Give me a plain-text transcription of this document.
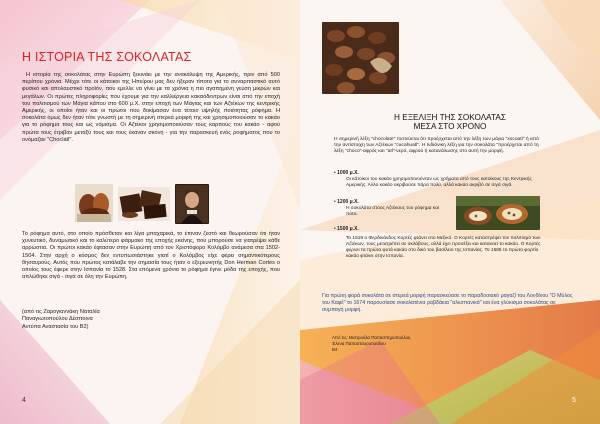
Η ΙΣΤΟΡΙΑ ΤΗΣ ΣΟΚΟΛΑΤΑΣ

Η ιστορία της σοκολάτας στην Ευρώπη ξεκινάει με την ανακάλυψη της Αμερικής, πριν από 500 περίπου χρόνια. Μέχρι τότε οι κάτοικοι της Ηπείρου μας δεν ήξεραν τίποτα για το συναρπαστικό αυτό φυσικό και απολαυστικό προϊόν, που εμελλε να γίνει με τα χρόνια η πιο αγαπημένη γεύση μικρών και μεγάλων. Οι πρώτες πληροφορίες που έχουμε για την καλλιέργεια κακαόδεντρων είναι από την εποχή του πολιτισμού των Μάγια κάπου στο 600 μ.Χ. στην εποχή των Μάγιας και των Αζτέκων της κεντρικής Αμερικής, οι οποίοι ήταν και οι πρώτοι που δοκίμασαν ένα τέτοιο υψηλής ποιότητας ρόφημα. Η σοκολάτα όμως δεν ήταν τότε γνωστή με τη σημερινή στερεά μορφή της και χρησιμοποιούσαν το κακάο για το ρόφημα τους και ως νόμισμα. Οι Αζτέκοι χρησιμοποιούσαν τους καρπούς του κακάο - αφού πρώτα τους έτριβαν μεταξύ τους και τους έκαναν σκόνη - για την παρασκευή ενός ροφήματος που το ονόμαζαν "Choclátl".

Το ρόφημα αυτό, στο οποίο πρόσθεταν και λίγα μπαχαρικά, το έπιναν ζεστό και θεωρούσαν ότι ήταν χυνευτικό, δυναμωτικό και το καλύτερο φάρμακο της εποχής εκείνης, που μπορούσε να γιατρέψει κάθε αρρώστια. Οι πρώτοι κακάο έφτασαν στην Ευρώπη από τον Χριστόφορο Κολόμβο ανάμεσα στα 1502-1504. Στην αρχή ο κόσμος δεν εντυπωσιάστηκε γιατί ο Κολόμβος είχε φέρει σημαντικότερους θησαυρούς. Αυτός που πρώτος κατάλαβε την σημασία τους ήταν ο εξερευνητής Don Herman Cortes ο οποίος τους έφερε στην Ισπανία το 1528. Στα επόμενα χρόνια το ρόφημα έγινε μόδα της εποχής, που απλώθηκε σιγά - σιγά σε όλη την Ευρώπη.

(από τις Ζαρογιαννάκη Ναταλία
Παναγιωτοπούλου Δέσποινα
Αντύπα Αναστασία του Β2)
4
Η ΕΞΕΛΙΞΗ ΤΗΣ ΣΟΚΟΛΑΤΑΣ
ΜΕΣΑ ΣΤΟ ΧΡΟΝΟ

Η σημερινή λέξη "chocolate" πιστεύεται ότι προέρχεται από την λέξη των μάγια "xocoatl" ή από την αντίστοιχη των Αζτέκων "cacahuatl". Η Ινδιάνικη λέξη για την σοκολάτα "προέρχεται από τη λέξη "choco"-αφρός και "atl"-νερό, αφρού ή κατανάλωσης στο αυτή την μορφή.

• 1000 μ.Χ.

Οι κάτοικοι του κακάο χρησιμοποιούνταν ως χρήματα από τους κατοίκους της Κεντρικής Αμερικής. Άλλο κακάο ακριβούσε πάρα πολύ, αλλά κακάο ακριβό σε σιγά σιγά.

• 1200 μ.Χ.

Η σοκολάτα στους Αζτέκους του ρόφημα και πότο.

• 1500 μ.Χ.

Το 1519 ο Φερδινάνδος Κορτές φτάνει στο Μεξικό. Ο Κορτές καταστρέφει τον πολιτισμό των Αζτέκων, τους μετατρέπει σε σκλάβους, αλλά έχει προσέξει και κατανοεί το κακάο. Ο Κορτές φέρνει τα πρώτα φυτά κακάο στο δικό του βασίλειο της Ισπανίας. Το 1585 το πρώτο φορτίο κακάο φτάνει στην Ισπανία.

Για πρώτη φορά σοκολάτα σε στερεά μορφή παρασκεύασε το παραδοσιακό μαγαζί του Λονδίνου "Ο Μύλος του Καφέ" το 1674 παρουσίασε σοκολατένια ραβδάκια "αλεσπανικά" και ένα γλύκισμα σοκολάτας σε συμπαγή μορφή.

Από τις: Μιστρούλα Παπασπηρoπούλου,
Έλενα Παπασταυροπούλου
Β4
5
